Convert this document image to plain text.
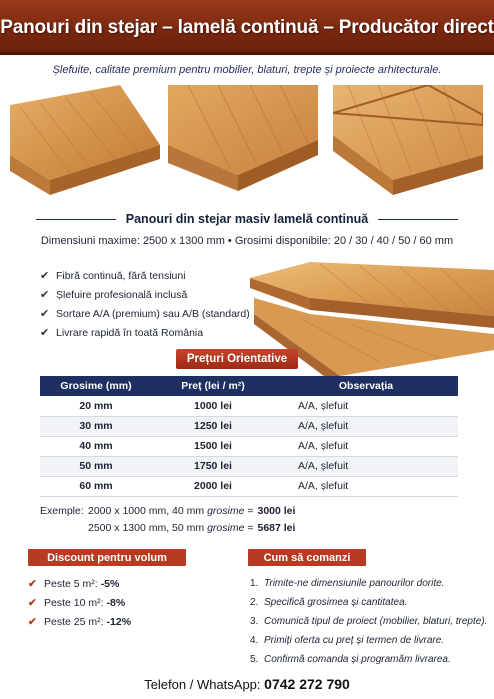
Panouri din stejar – lamelă continuă – Producător direct
Șlefuite, calitate premium pentru mobilier, blaturi, trepte și proiecte arhitecturale.
Panouri din stejar masiv lamelă continuă
Dimensiuni maxime: 2500 x 1300 mm • Grosimi disponibile: 20 / 30 / 40 / 50 / 60 mm
✔ Fibră continuă, fără tensiuni
✔ Șlefuire profesională inclusă
✔ Sortare A/A (premium) sau A/B (standard)
✔ Livrare rapidă în toată România
Prețuri Orientative
Grosime (mm)	Preț (lei / m²)	Observația
20 mm	1000 lei	A/A, șlefuit
30 mm	1250 lei	A/A, șlefuit
40 mm	1500 lei	A/A, șlefuit
50 mm	1750 lei	A/A, șlefuit
60 mm	2000 lei	A/A, șlefuit
Exemple: 2000 x 1000 mm, 40 mm
grosime
= 3000 lei
2500 x 1300 mm, 50 mm
grosime
= 5687 lei
Discount pentru volum	Cum să comanzi
✔ Peste 5 m²: -5%
✔ Peste 10 m²: -8%
✔ Peste 25 m²: -12%
1. Trimite-ne dimensiunile panourilor dorite.
2. Specifică grosimea și cantitatea.
3. Comunică tipul de proiect (mobilier, blaturi, trepte).
4. Primiți oferta cu preț și termen de livrare.
5. Confirmă comanda și programăm livrarea.
Telefon / WhatsApp: 0742 272 790
